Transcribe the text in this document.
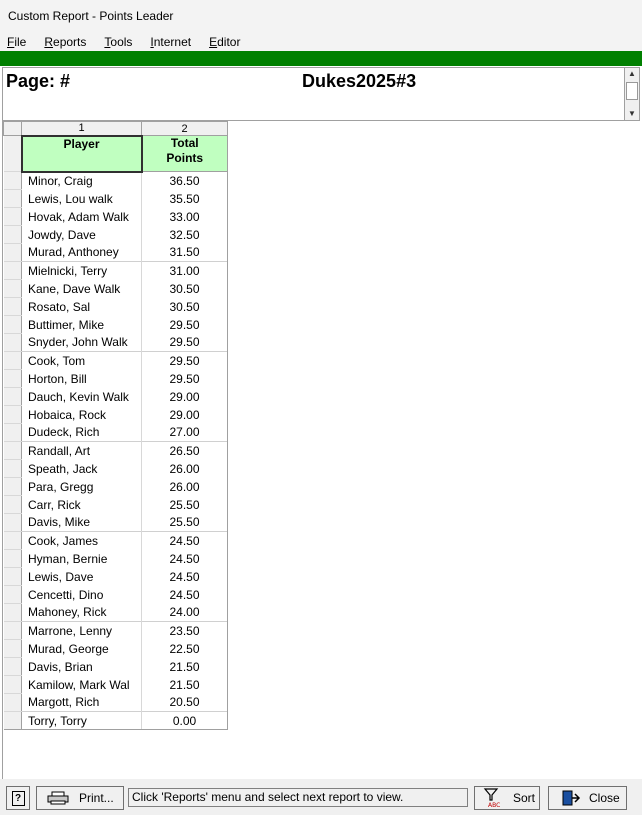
Custom Report - Points Leader
File Reports Tools Internet Editor
Page: #	Dukes2025#3	▲
▼
	1	2
	Player	Total
Points
	Minor, Craig	36.50
	Lewis, Lou walk	35.50
	Hovak, Adam Walk	33.00
	Jowdy, Dave	32.50
	Murad, Anthoney	31.50
	Mielnicki, Terry	31.00
	Kane, Dave Walk	30.50
	Rosato, Sal	30.50
	Buttimer, Mike	29.50
	Snyder, John Walk	29.50
	Cook, Tom	29.50
	Horton, Bill	29.50
	Dauch, Kevin Walk	29.00
	Hobaica, Rock	29.00
	Dudeck, Rich	27.00
	Randall, Art	26.50
	Speath, Jack	26.00
	Para, Gregg	26.00
	Carr, Rick	25.50
	Davis, Mike	25.50
	Cook, James	24.50
	Hyman, Bernie	24.50
	Lewis, Dave	24.50
	Cencetti, Dino	24.50
	Mahoney, Rick	24.00
	Marrone, Lenny	23.50
	Murad, George	22.50
	Davis, Brian	21.50
	Kamilow, Mark Wal	21.50
	Margott, Rich	20.50
	Torry, Torry	0.00
?	Print...	Click 'Reports' menu and select next report to view.
ABC
Sort	Close
